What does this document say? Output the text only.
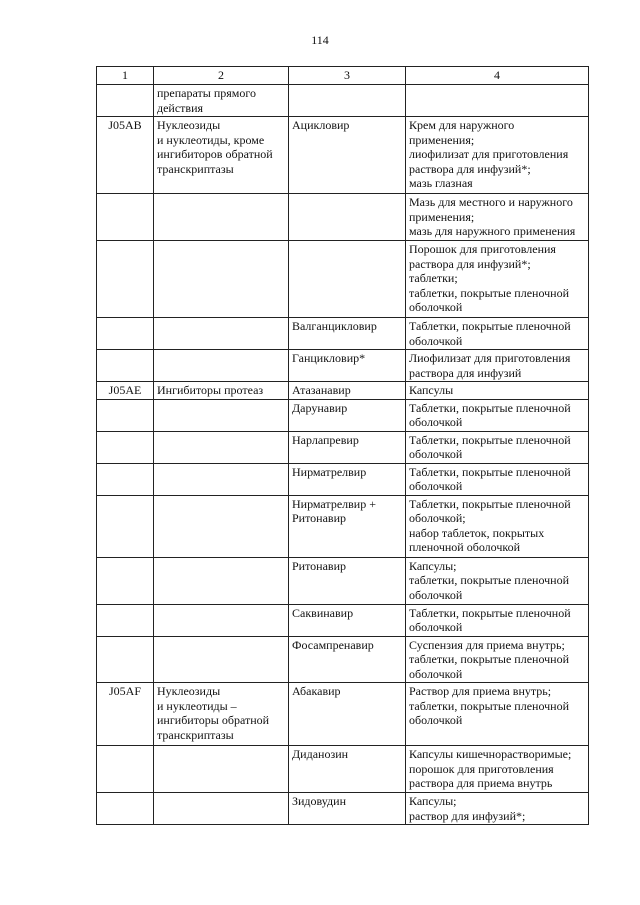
114
1	2	3	4
	препараты прямого
действия		
J05AB	Нуклеозиды
и нуклеотиды, кроме
ингибиторов обратной
транскриптазы	Ацикловир	Крем для наружного
применения;
лиофилизат для приготовления
раствора для инфузий*;
мазь глазная
			Мазь для местного и наружного
применения;
мазь для наружного применения
			Порошок для приготовления
раствора для инфузий*;
таблетки;
таблетки, покрытые пленочной
оболочкой
		Валганцикловир	Таблетки, покрытые пленочной
оболочкой
		Ганцикловир*	Лиофилизат для приготовления
раствора для инфузий
J05AE	Ингибиторы протеаз	Атазанавир	Капсулы
		Дарунавир	Таблетки, покрытые пленочной
оболочкой
		Нарлапревир	Таблетки, покрытые пленочной
оболочкой
		Нирматрелвир	Таблетки, покрытые пленочной
оболочкой
		Нирматрелвир +
Ритонавир	Таблетки, покрытые пленочной
оболочкой;
набор таблеток, покрытых
пленочной оболочкой
		Ритонавир	Капсулы;
таблетки, покрытые пленочной
оболочкой
		Саквинавир	Таблетки, покрытые пленочной
оболочкой
		Фосампренавир	Суспензия для приема внутрь;
таблетки, покрытые пленочной
оболочкой
J05AF	Нуклеозиды
и нуклеотиды –
ингибиторы обратной
транскриптазы	Абакавир	Раствор для приема внутрь;
таблетки, покрытые пленочной
оболочкой
		Диданозин	Капсулы кишечнорастворимые;
порошок для приготовления
раствора для приема внутрь
		Зидовудин	Капсулы;
раствор для инфузий*;
